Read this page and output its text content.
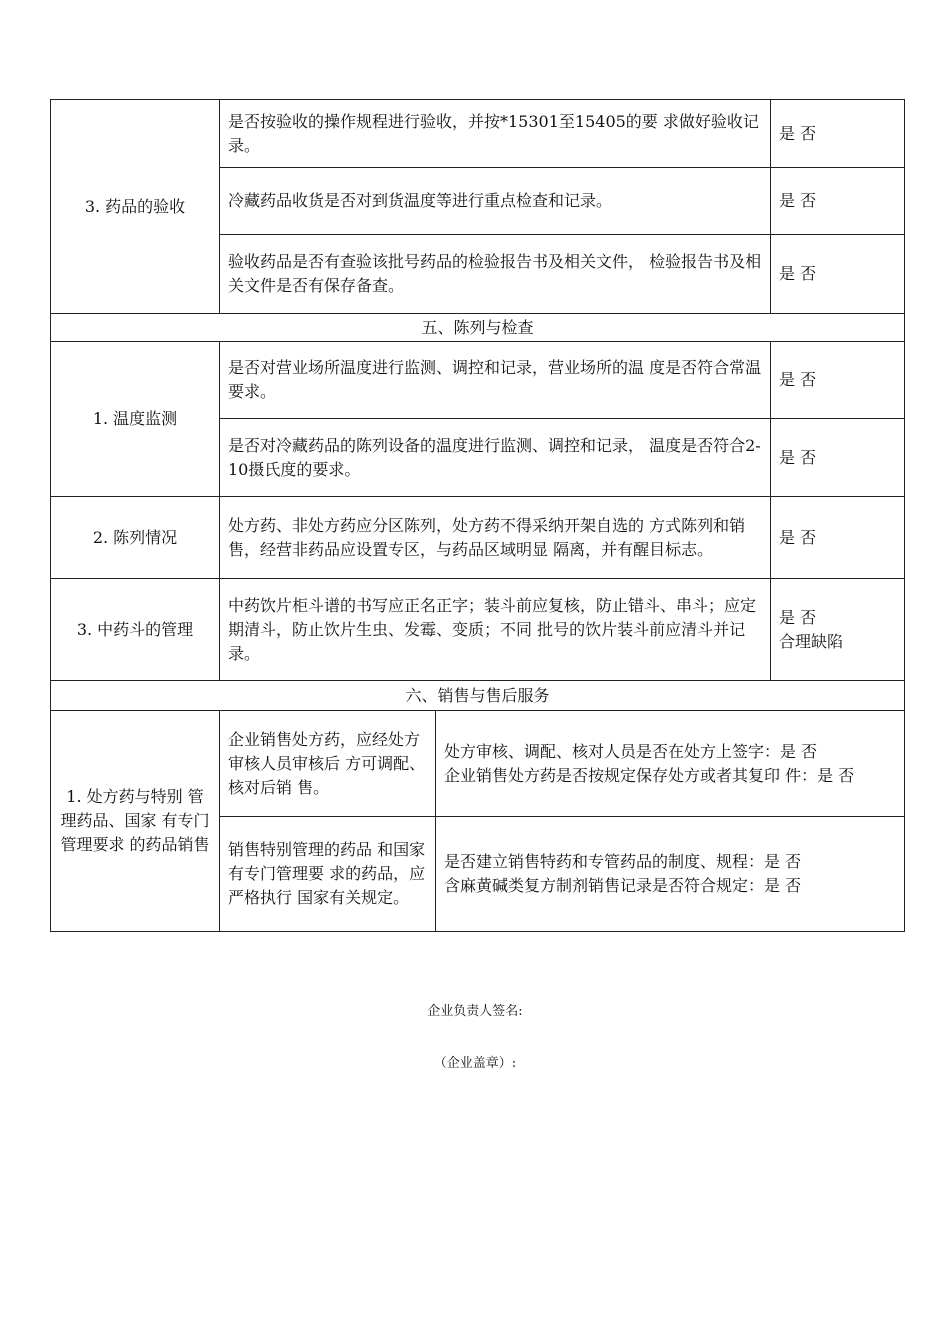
3. 药品的验收	是否按验收的操作规程进行验收，并按*15301至15405的要 求做好验收记录。		是 否
	冷藏药品收货是否对到货温度等进行重点检查和记录。		是 否
	验收药品是否有查验该批号药品的检验报告书及相关文件， 检验报告书及相关文件是否有保存备查。		是 否
五、陈列与检查			
1. 温度监测	是否对营业场所温度进行监测、调控和记录，营业场所的温 度是否符合常温要求。		是 否
	是否对冷藏药品的陈列设备的温度进行监测、调控和记录， 温度是否符合2-10摄氏度的要求。		是 否
2. 陈列情况	处方药、非处方药应分区陈列，处方药不得采纳开架自选的 方式陈列和销售，经营非药品应设置专区，与药品区域明显 隔离，并有醒目标志。		是 否
3. 中药斗的管理	中药饮片柜斗谱的书写应正名正字；装斗前应复核，防止错斗、串斗；应定期清斗，防止饮片生虫、发霉、变质；不同 批号的饮片装斗前应清斗并记录。		是 否
合理缺陷

六、销售与售后服务			
1. 处方药与特别 管理药品、国家 有专门管理要求 的药品销售	企业销售处方药，应经处方审核人员审核后 方可调配、核对后销 售。	处方审核、调配、核对人员是否在处方上签字：是 否
企业销售处方药是否按规定保存处方或者其复印 件：是 否	

	销售特别管理的药品 和国家有专门管理要 求的药品，应严格执行 国家有关规定。	是否建立销售特药和专管药品的制度、规程：是 否
含麻黄碱类复方制剂销售记录是否符合规定：是 否	
企业负责人签名:
（企业盖章）:
